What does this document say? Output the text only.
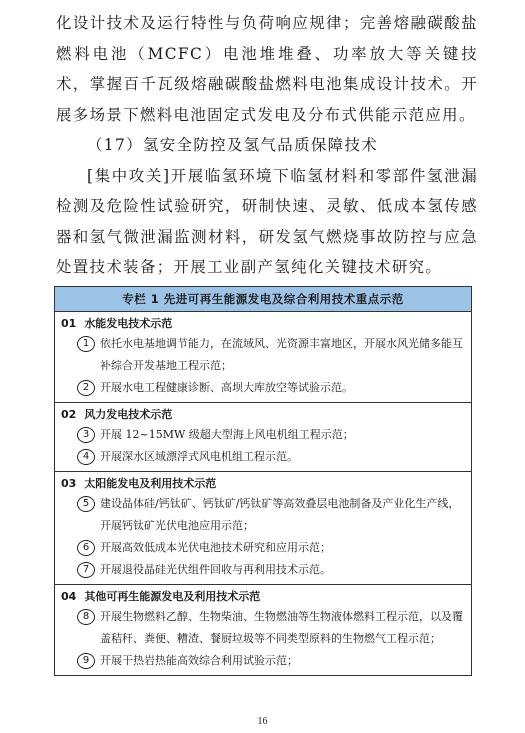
化设计技术及运行特性与负荷响应规律；完善熔融碳酸盐燃料电池（MCFC）电池堆堆叠、功率放大等关键技术，掌握百千瓦级熔融碳酸盐燃料电池集成设计技术。开展多场景下燃料电池固定式发电及分布式供能示范应用。

（17）氢安全防控及氢气品质保障技术

[集中攻关]开展临氢环境下临氢材料和零部件氢泄漏检测及危险性试验研究，研制快速、灵敏、低成本氢传感器和氢气微泄漏监测材料，研发氢气燃烧事故防控与应急处置技术装备；开展工业副产氢纯化关键技术研究。

专栏 1 先进可再生能源发电及综合利用技术重点示范
01 水能发电技术示范
1 依托水电基地调节能力，在流域风、光资源丰富地区，开展水风光储多能互补综合开发基地工程示范；
2 开展水电工程健康诊断、高坝大库放空等试验示范。
02 风力发电技术示范
3 开展 12~15MW 级超大型海上风电机组工程示范；
4 开展深水区域漂浮式风电机组工程示范。
03 太阳能发电及利用技术示范
5 建设晶体硅/钙钛矿、钙钛矿/钙钛矿等高效叠层电池制备及产业化生产线，开展钙钛矿光伏电池应用示范；
6 开展高效低成本光伏电池技术研究和应用示范；
7 开展退役晶硅光伏组件回收与再利用技术示范。
04 其他可再生能源发电及利用技术示范
8 开展生物燃料乙醇、生物柴油、生物燃油等生物液体燃料工程示范，以及覆盖秸秆、粪便、糟渣、餐厨垃圾等不同类型原料的生物燃气工程示范；
9 开展干热岩热能高效综合利用试验示范；
16
